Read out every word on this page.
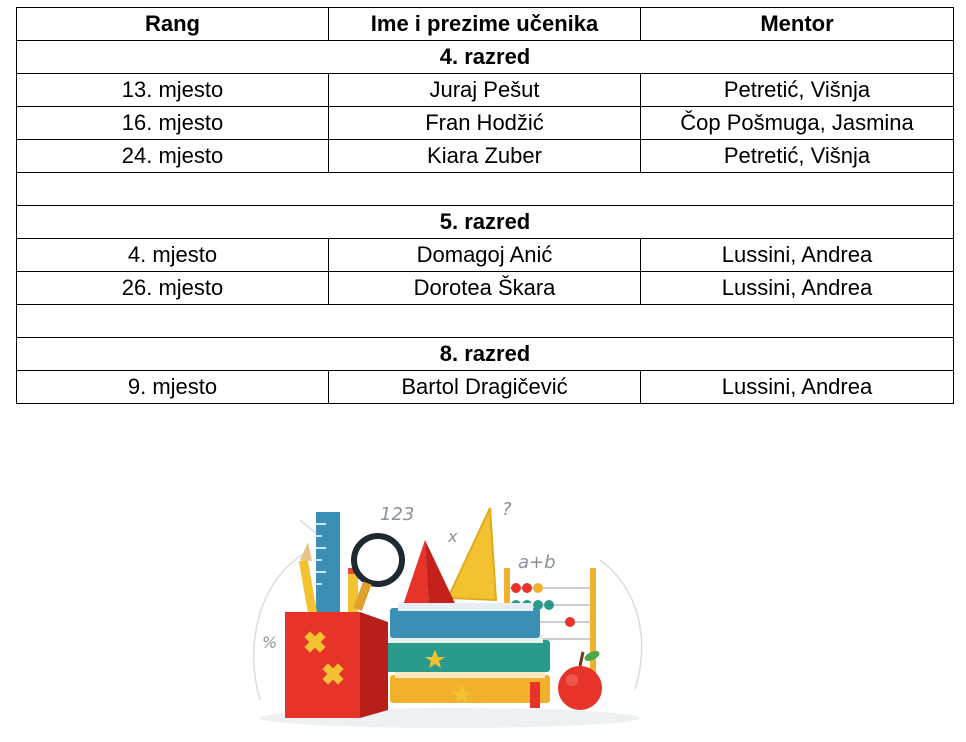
Rang	Ime i prezime učenika	Mentor
4. razred		
13. mjesto	Juraj Pešut	Petretić, Višnja
16. mjesto	Fran Hodžić	Čop Pošmuga, Jasmina
24. mjesto	Kiara Zuber	Petretić, Višnja

5. razred		
4. mjesto	Domagoj Anić	Lussini, Andrea
26. mjesto	Dorotea Škara	Lussini, Andrea

8. razred		
9. mjesto	Bartol Dragičević	Lussini, Andrea
123	?
x
a+b
%
